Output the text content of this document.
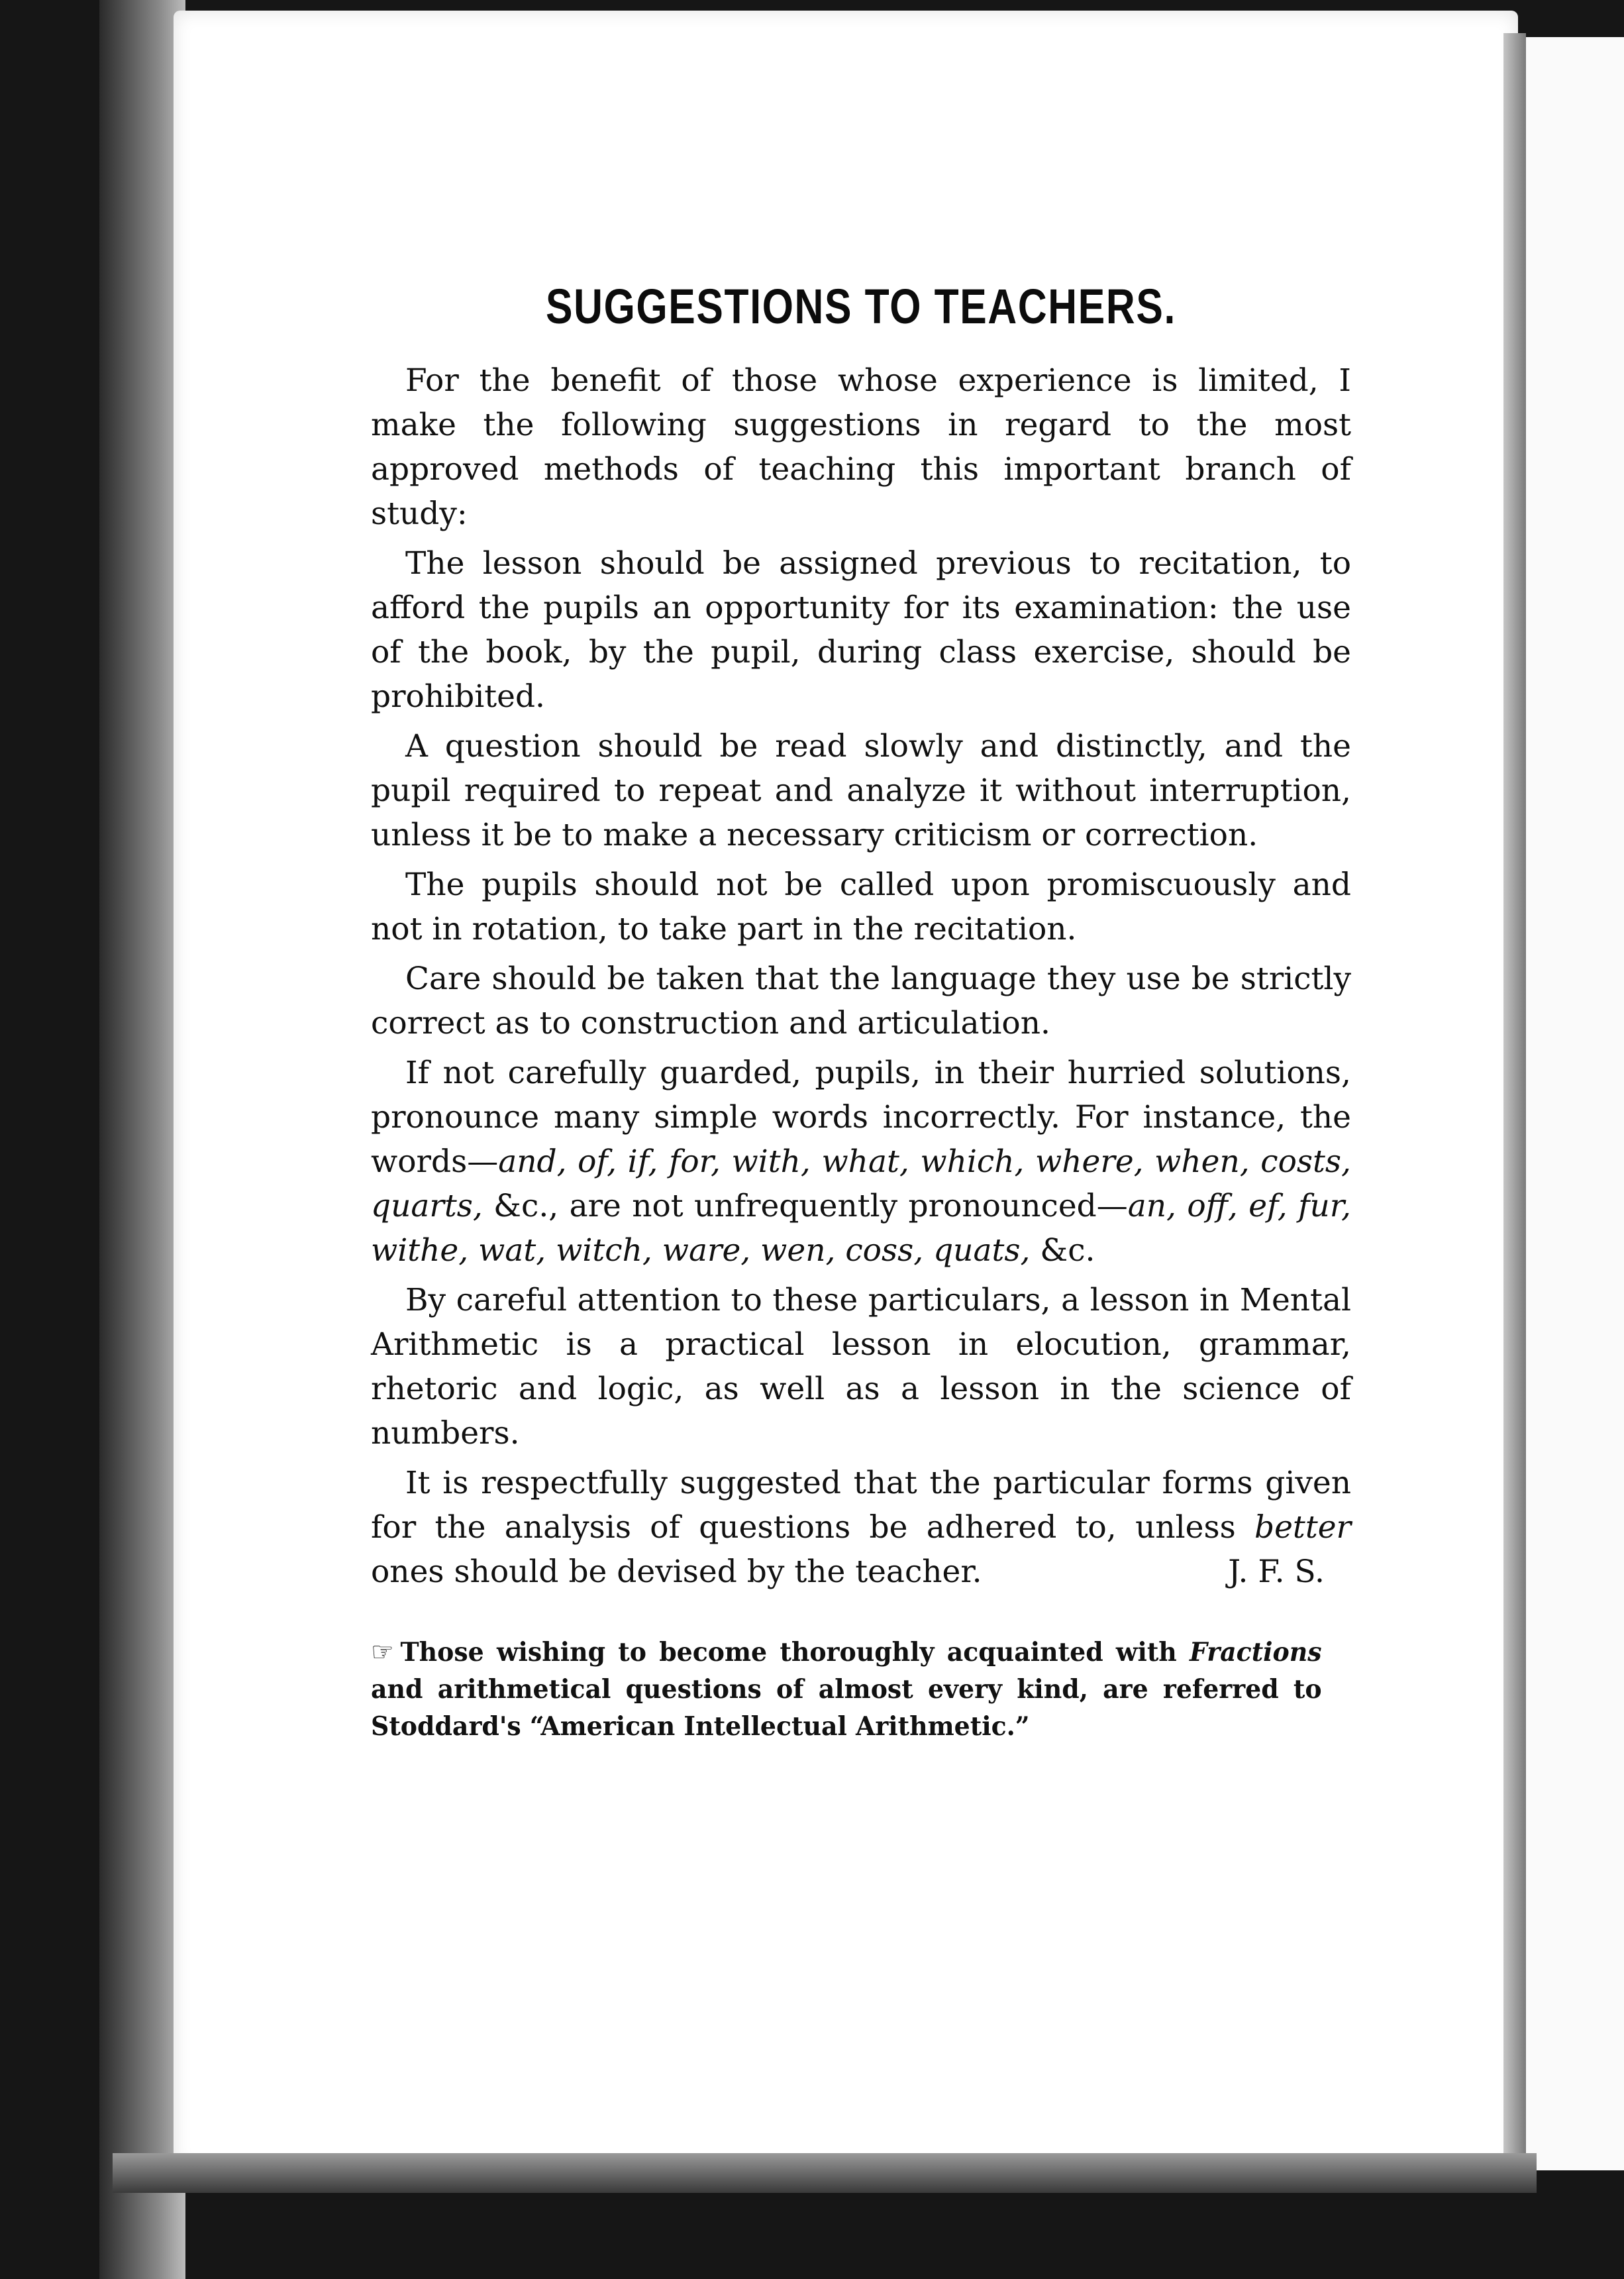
SUGGESTIONS TO TEACHERS.

For the benefit of those whose experience is limited, I make the following suggestions in regard to the most approved methods of teaching this important branch of study:

The lesson should be assigned previous to recitation, to afford the pupils an opportunity for its examination: the use of the book, by the pupil, during class exercise, should be prohibited.

A question should be read slowly and distinctly, and the pupil required to repeat and analyze it without interruption, unless it be to make a necessary criticism or correction.

The pupils should not be called upon promiscuously and not in rotation, to take part in the recitation.

Care should be taken that the language they use be strictly correct as to construction and articulation.

If not carefully guarded, pupils, in their hurried solutions, pronounce many simple words incorrectly. For instance, the words—and, of, if, for, with, what, which, where, when, costs, quarts, &c., are not unfrequently pronounced—an, off, ef, fur, withe, wat, witch, ware, wen, coss, quats, &c.

By careful attention to these particulars, a lesson in Mental Arithmetic is a practical lesson in elocution, grammar, rhetoric and logic, as well as a lesson in the science of numbers.

It is respectfully suggested that the particular forms given for the analysis of questions be adhered to, unless better ones should be devised by the teacher.	J. F. S.

☞ Those wishing to become thoroughly acquainted with Fractions and arithmetical questions of almost every kind, are referred to Stoddard's “American Intellectual Arithmetic.”
